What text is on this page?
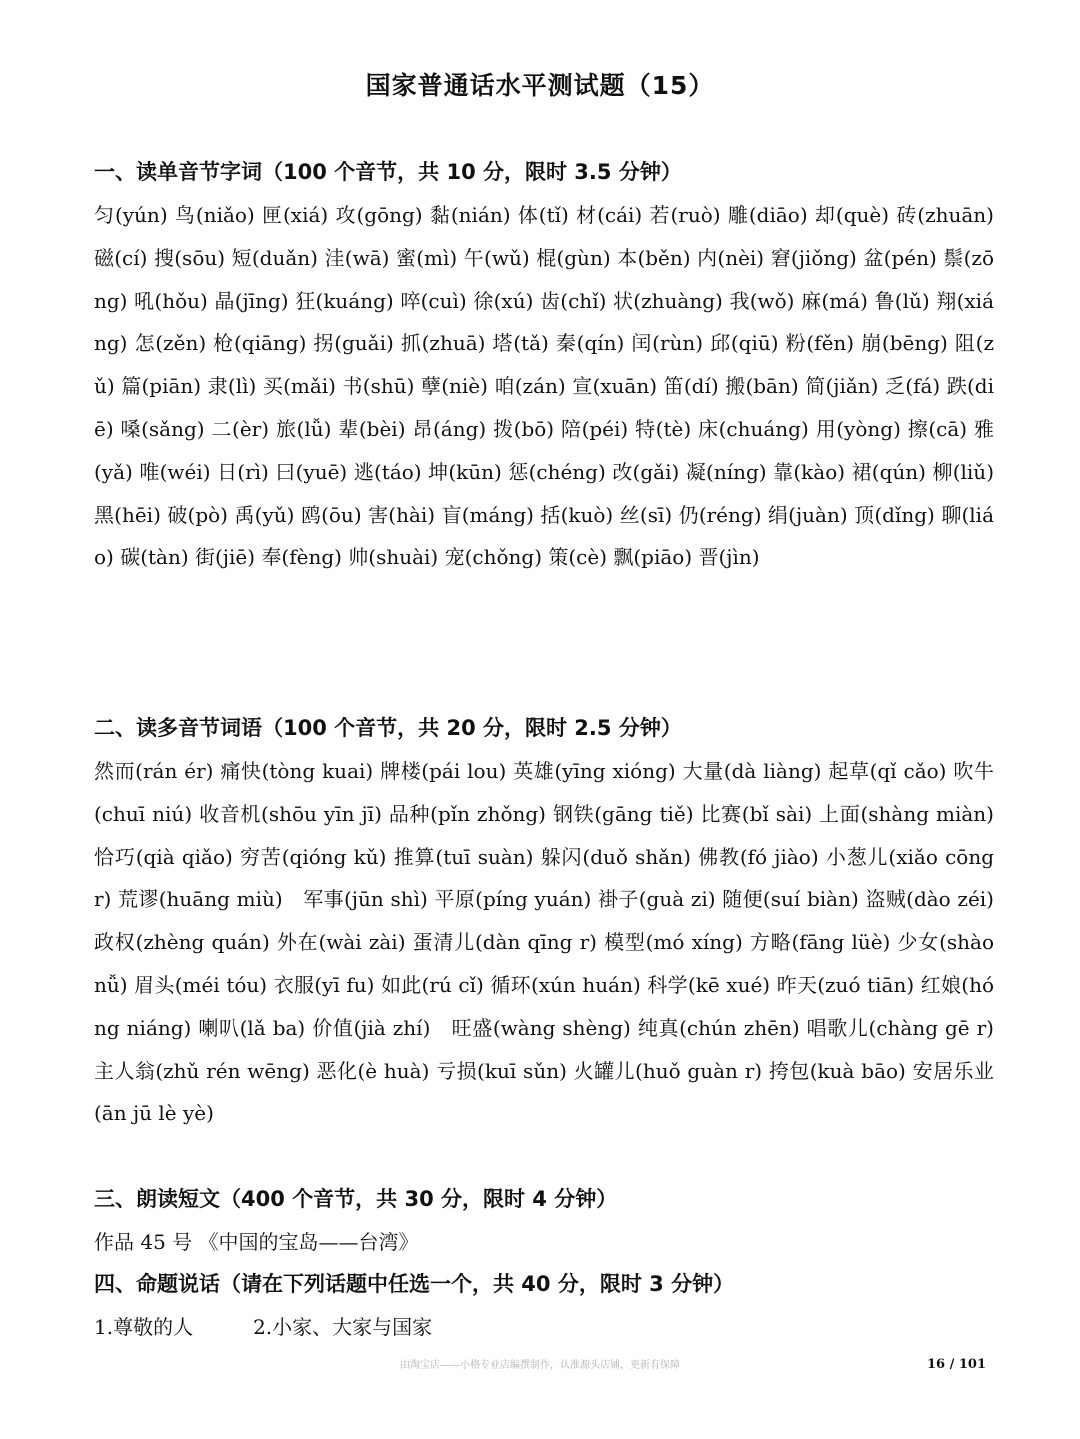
国家普通话水平测试题（15）
一、读单音节字词（100 个音节，共 10 分，限时 3.5 分钟）
匀(yún) 鸟(niǎo) 匣(xiá) 攻(gōng) 黏(nián) 体(tǐ) 材(cái) 若(ruò) 雕(diāo) 却(què) 砖(zhuān) 磁(cí) 搜(sōu) 短(duǎn) 洼(wā) 蜜(mì) 午(wǔ) 棍(gùn) 本(běn) 内(nèi) 窘(jiǒng) 盆(pén) 鬃(zōng) 吼(hǒu) 晶(jīng) 狂(kuáng) 啐(cuì) 徐(xú) 齿(chǐ) 状(zhuàng) 我(wǒ) 麻(má) 鲁(lǔ) 翔(xiáng) 怎(zěn) 枪(qiāng) 拐(guǎi) 抓(zhuā) 塔(tǎ) 秦(qín) 闰(rùn) 邱(qiū) 粉(fěn) 崩(bēng) 阻(zǔ) 篇(piān) 隶(lì) 买(mǎi) 书(shū) 孽(niè) 咱(zán) 宣(xuān) 笛(dí) 搬(bān) 简(jiǎn) 乏(fá) 跌(diē) 嗓(sǎng) 二(èr) 旅(lǚ) 辈(bèi) 昂(áng) 拨(bō) 陪(péi) 特(tè) 床(chuáng) 用(yòng) 擦(cā) 雅(yǎ) 唯(wéi) 日(rì) 曰(yuē) 逃(táo) 坤(kūn) 惩(chéng) 改(gǎi) 凝(níng) 靠(kào) 裙(qún) 柳(liǔ) 黑(hēi) 破(pò) 禹(yǔ) 鸥(ōu) 害(hài) 盲(máng) 括(kuò) 丝(sī) 仍(réng) 绢(juàn) 顶(dǐng) 聊(liáo) 碳(tàn) 街(jiē) 奉(fèng) 帅(shuài) 宠(chǒng) 策(cè) 飘(piāo) 晋(jìn)
二、读多音节词语（100 个音节，共 20 分，限时 2.5 分钟）
然而(rán ér) 痛快(tòng kuai) 牌楼(pái lou) 英雄(yīng xióng) 大量(dà liàng) 起草(qǐ cǎo) 吹牛(chuī niú) 收音机(shōu yīn jī) 品种(pǐn zhǒng) 钢铁(gāng tiě) 比赛(bǐ sài) 上面(shàng miàn) 恰巧(qià qiǎo) 穷苦(qióng kǔ) 推算(tuī suàn) 躲闪(duǒ shǎn) 佛教(fó jiào) 小葱儿(xiǎo cōng r) 荒谬(huāng miù)　军事(jūn shì) 平原(píng yuán) 褂子(guà zi) 随便(suí biàn) 盗贼(dào zéi) 政权(zhèng quán) 外在(wài zài) 蛋清儿(dàn qīng r) 模型(mó xíng) 方略(fāng lüè) 少女(shào nǚ) 眉头(méi tóu) 衣服(yī fu) 如此(rú cǐ) 循环(xún huán) 科学(kē xué) 昨天(zuó tiān) 红娘(hóng niáng) 喇叭(lǎ ba) 价值(jià zhí)　旺盛(wàng shèng) 纯真(chún zhēn) 唱歌儿(chàng gē r) 主人翁(zhǔ rén wēng) 恶化(è huà) 亏损(kuī sǔn) 火罐儿(huǒ guàn r) 挎包(kuà bāo) 安居乐业(ān jū lè yè)
三、朗读短文（400 个音节，共 30 分，限时 4 分钟）
作品 45 号 《中国的宝岛——台湾》
四、命题说话（请在下列话题中任选一个，共 40 分，限时 3 分钟）
1.尊敬的人　　　2.小家、大家与国家
由淘宝店——小格专业店编撰制作，认准源头店铺，更新有保障	16 / 101
